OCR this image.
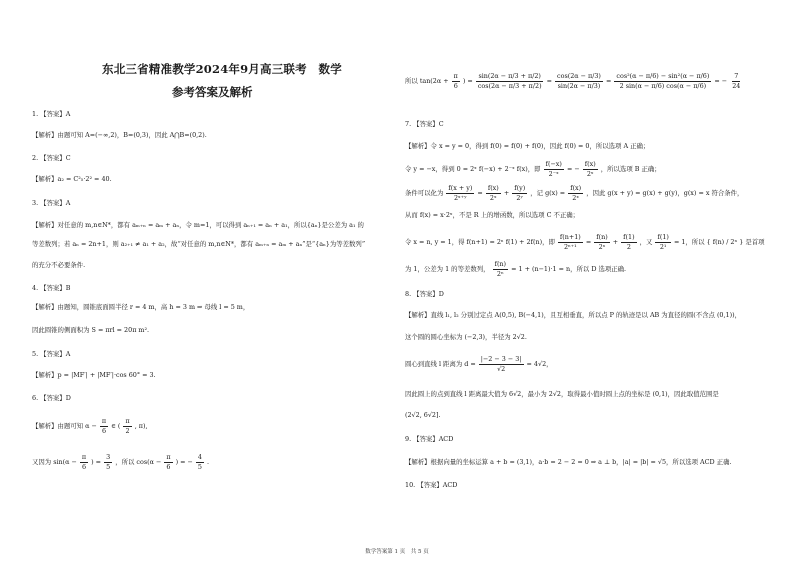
东北三省精准教学2024年9月高三联考　数学
参考答案及解析
1. 【答案】A
【解析】由题可知 A=(−∞,2)，B=(0,3)，因此 A⋂B=(0,2).
2. 【答案】C
【解析】a₂ = C²₅·2² = 40.
3. 【答案】A
【解析】对任意的 m,n∈N*，都有 aₘ₊ₙ = aₘ + aₙ，令 m=1，可以得到 aₙ₊₁ = aₙ + a₁，所以{aₙ}是公差为 a₁ 的
等差数列；若 aₙ = 2n+1，则 a₂₊₁ ≠ a₁ + a₂，故“对任意的 m,n∈N*，都有 aₘ₊ₙ = aₘ + aₙ”是“{aₙ}为等差数列”
的充分不必要条件.
4. 【答案】B
【解析】由题知，圆锥底面圆半径 r = 4 m，高 h = 3 m ⇒ 母线 l = 5 m，
因此圆锥的侧面积为 S = πrl = 20π m².
5. 【答案】A
【解析】p = |MF′| + |MF′|·cos 60° = 3.
6. 【答案】D
【解析】由题可知 $\alpha - \frac{\pi}{6}$ ∈ ( $\frac{\pi}{2}$ , π),
又因为 $\sin(\alpha - \frac{\pi}{6}$ ) = $\frac{3}{5}$ ，所以 $\cos(\alpha - \frac{\pi}{6}$ ) = − $\frac{4}{5}$ .
所以 $\tan(2\alpha + \frac{\pi}{6}$ ) = $\frac{\sin(2\alpha - \pi/3 + \pi/2)}{\cos(2\alpha - \pi/3 + \pi/2)} = \frac{\cos(2\alpha - \pi/3)}{\sin(2\alpha - \pi/3)} = \frac{\text{cos²(α − π/6) − sin²(α − π/6)}}{2 \sin(\alpha - \pi/6) \cos(\alpha - \pi/6)}$ = − $\frac{7}{24}$
7. 【答案】C
【解析】令 x = y = 0，得到 f(0) = f(0) + f(0)，因此 f(0) = 0，所以选项 A 正确；
令 y = −x，得到 0 = 2ˣ f(−x) + 2⁻ˣ f(x)，即 $\frac{f(-x)}{\text{2⁻ˣ}}$ = − $\frac{f(x)}{\text{2ˣ}}$ ，所以选项 B 正确；
条件可以化为 $\frac{f(x + y)}{\text{2ˣ⁺ʸ}} = \frac{f(x)}{\text{2ˣ}} + \frac{f(y)}{\text{2ʸ}}$ ，记 $g(x) = \frac{f(x)}{\text{2ˣ}}$ ，因此 g(x + y) = g(x) + g(y)，g(x) = x 符合条件，
从而 f(x) = x·2ˣ，不是 R 上的增函数，所以选项 C 不正确；
令 x = n, y = 1，得 f(n+1) = 2ⁿ f(1) + 2f(n)，即 $\frac{f(n+1)}{\text{2ⁿ⁺¹}} = \frac{f(n)}{\text{2ⁿ}} + \frac{f(1)}{2}$ ，又 $\frac{f(1)}{\text{2¹}} = 1$，所以 { f(n) / 2ⁿ } 是首项
为 1，公差为 1 的等差数列， $\frac{f(n)}{\text{2ⁿ}} = 1 + (n-1)\cdot 1 = n$，所以 D 选项正确.
8. 【答案】D
【解析】直线 l₁, l₂ 分别过定点 A(0,5), B(−4,1)，且互相垂直，所以点 P 的轨迹是以 AB 为直径的圆(不含点 (0,1))，
这个圆的圆心坐标为 (−2,3)，半径为 2√2.
圆心到直线 l 距离为 $d = \frac{|-2 - 3 - 3|}{√2} = 4√2$，
因此圆上的点到直线 l 距离最大值为 6√2，最小为 2√2，取得最小值时圆上点的坐标是 (0,1)，因此取值范围是
(2√2, 6√2].
9. 【答案】ACD
【解析】根据向量的坐标运算 a + b = (3,1)，a·b = 2 − 2 = 0 ⇒ a ⊥ b，|a| = |b| = √5，所以选项 ACD 正确.
10. 【答案】ACD
数学答案第 1 页　共 5 页
